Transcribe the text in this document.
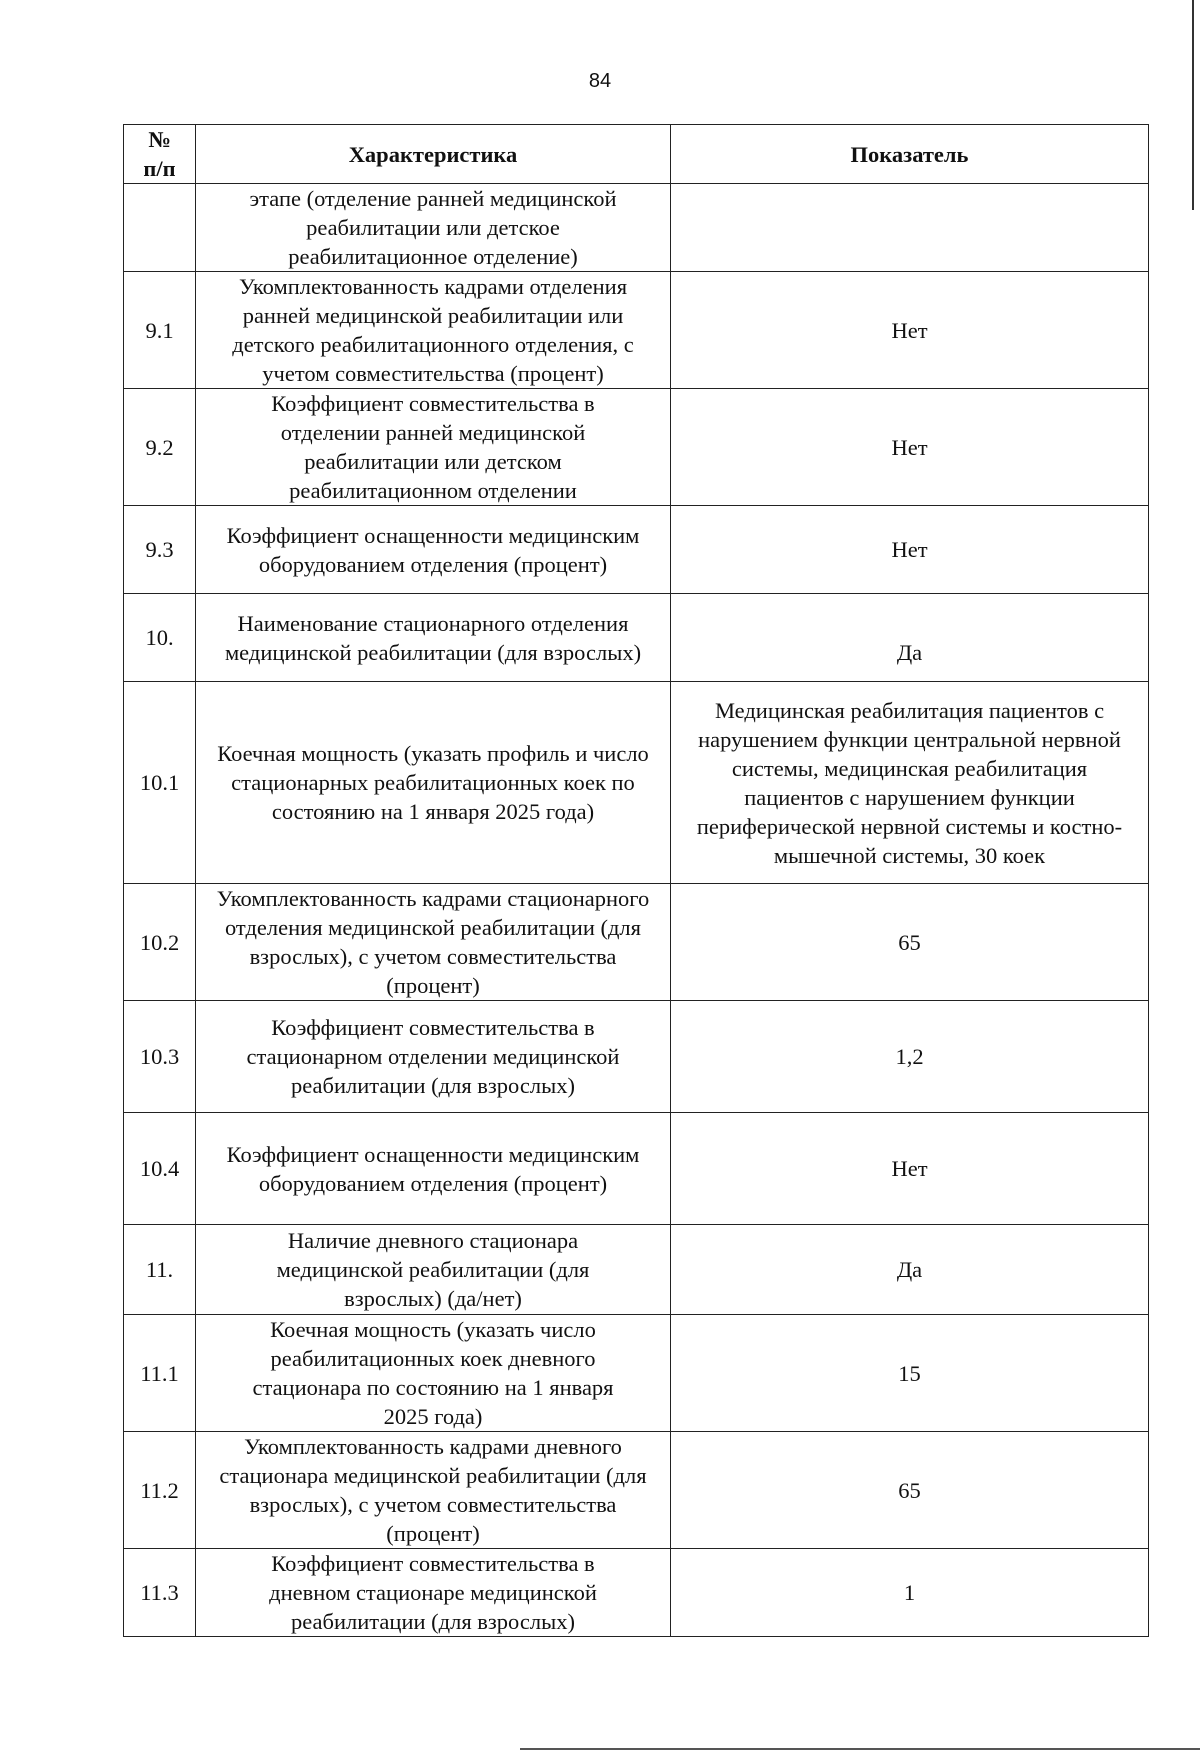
84
№
п/п	Характеристика	Показатель
	этапе (отделение ранней медицинской реабилитации или детское реабилитационное отделение)	
9.1	Укомплектованность кадрами отделения ранней медицинской реабилитации или детского реабилитационного отделения, с учетом совместительства (процент)	Нет
9.2	Коэффициент совместительства в отделении ранней медицинской реабилитации или детском реабилитационном отделении	Нет
9.3	Коэффициент оснащенности медицинским оборудованием отделения (процент)	Нет
10.	Наименование стационарного отделения медицинской реабилитации (для взрослых)	Да
10.1	Коечная мощность (указать профиль и число стационарных реабилитационных коек по состоянию на 1 января 2025 года)	Медицинская реабилитация пациентов с нарушением функции центральной нервной системы, медицинская реабилитация пациентов с нарушением функции периферической нервной системы и костно-мышечной системы, 30 коек
10.2	Укомплектованность кадрами стационарного отделения медицинской реабилитации (для взрослых), с учетом совместительства (процент)	65
10.3	Коэффициент совместительства в стационарном отделении медицинской реабилитации (для взрослых)	1,2
10.4	Коэффициент оснащенности медицинским оборудованием отделения (процент)	Нет
11.	Наличие дневного стационара медицинской реабилитации (для взрослых) (да/нет)	Да
11.1	Коечная мощность (указать число реабилитационных коек дневного стационара по состоянию на 1 января 2025 года)	15
11.2	Укомплектованность кадрами дневного стационара медицинской реабилитации (для взрослых), с учетом совместительства (процент)	65
11.3	Коэффициент совместительства в дневном стационаре медицинской реабилитации (для взрослых)	1
